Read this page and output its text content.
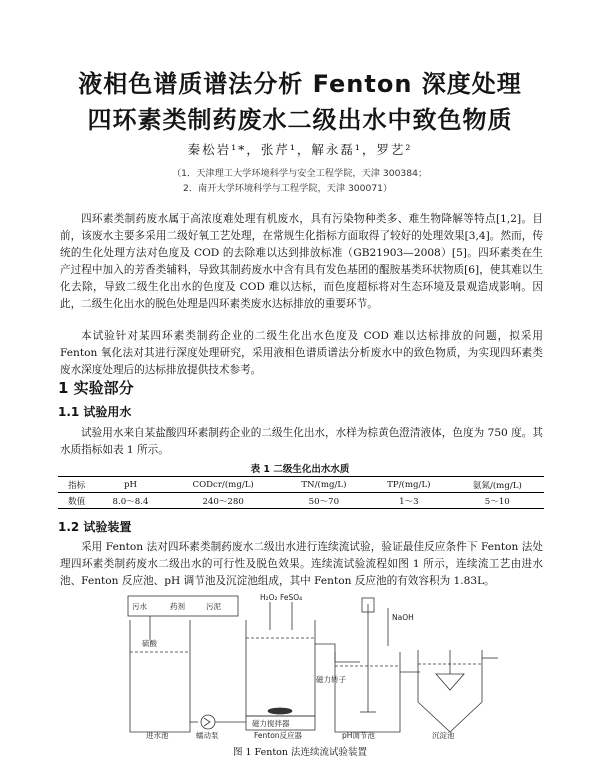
液相色谱质谱法分析 Fenton 深度处理
四环素类制药废水二级出水中致色物质
秦松岩¹*，张芹¹，解永磊¹，罗艺²
（1．天津理工大学环境科学与安全工程学院，天津 300384；
2．南开大学环境科学与工程学院，天津 300071）

四环素类制药废水属于高浓度难处理有机废水，具有污染物种类多、难生物降解等特点[1,2]。目前，该废水主要多采用二级好氧工艺处理，在常规生化指标方面取得了较好的处理效果[3,4]。然而，传统的生化处理方法对色度及 COD 的去除难以达到排放标准（GB21903—2008）[5]。四环素类在生产过程中加入的芳香类辅料，导致其制药废水中含有具有发色基团的醌胺基类环状物质[6]，使其难以生化去除，导致二级生化出水的色度及 COD 难以达标，而色度超标将对生态环境及景观造成影响。因此，二级生化出水的脱色处理是四环素类废水达标排放的重要环节。

本试验针对某四环素类制药企业的二级生化出水色度及 COD 难以达标排放的问题，拟采用 Fenton 氧化法对其进行深度处理研究，采用液相色谱质谱法分析废水中的致色物质，为实现四环素类废水深度处理后的达标排放提供技术参考。

1 实验部分
1.1 试验用水

试验用水来自某盐酸四环素制药企业的二级生化出水，水样为棕黄色澄清液体，色度为 750 度。其水质指标如表 1 所示。

表 1 二级生化出水水质
指标	pH	CODcr/(mg/L)	TN/(mg/L)	TP/(mg/L)	氨氮/(mg/L)
数值	8.0～8.4	240～280	50～70	1～3	5～10
1.2 试验装置

采用 Fenton 法对四环素类制药废水二级出水进行连续流试验，验证最佳反应条件下 Fenton 法处理四环素类制药废水二级出水的可行性及脱色效果。连续流试验流程如图 1 所示，连续流工艺由进水池、Fenton 反应池、pH 调节池及沉淀池组成，其中 Fenton 反应池的有效容积为 1.83L。

污水	药剂	污泥
H₂O₂ FeSO₄
硫酸
NaOH
磁力转子
磁力搅拌器
进水池	蠕动泵	Fenton反应器	pH调节池	沉淀池
图 1 Fenton 法连续流试验装置
